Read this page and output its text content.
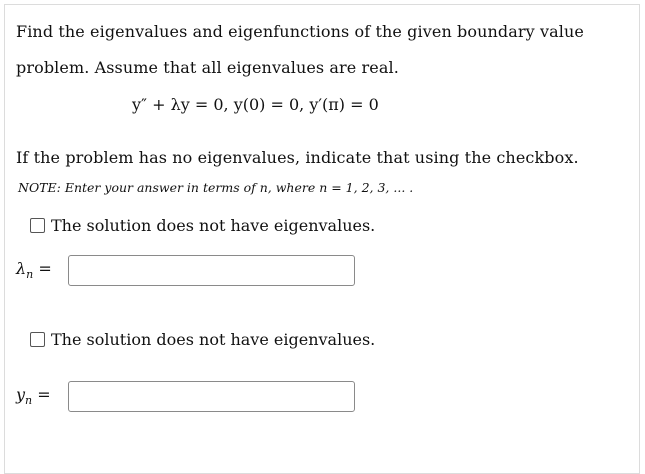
Find the eigenvalues and eigenfunctions of the given boundary value
problem. Assume that all eigenvalues are real.
y″ + λy = 0, y(0) = 0, y′(π) = 0
If the problem has no eigenvalues, indicate that using the checkbox.
NOTE: Enter your answer in terms of n, where n = 1, 2, 3, ... .
The solution does not have eigenvalues.
$\lambda_n$ =
The solution does not have eigenvalues.
$y_n$ =
